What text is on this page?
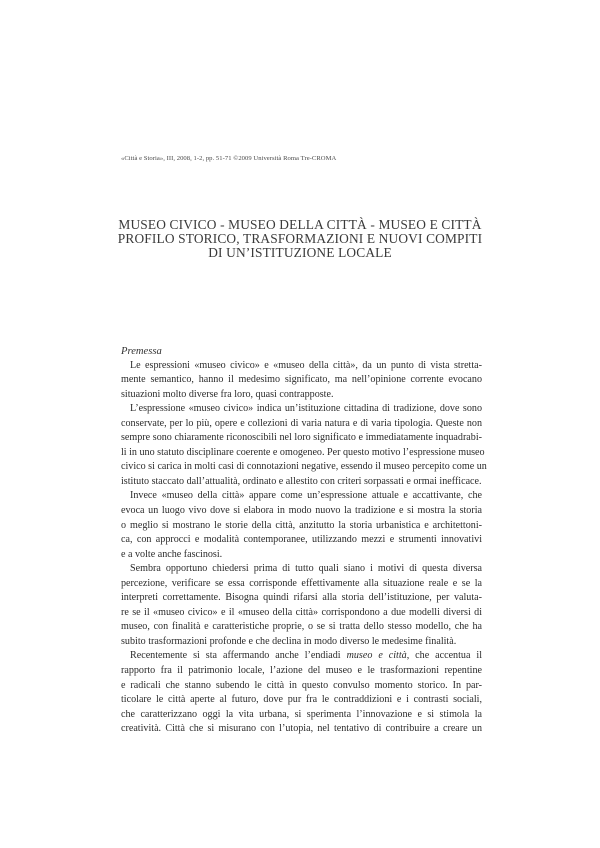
«Città e Storia», III, 2008, 1-2, pp. 51-71 ©2009 Università Roma Tre-CROMA
MUSEO CIVICO - MUSEO DELLA CITTÀ - MUSEO E CITTÀ
PROFILO STORICO, TRASFORMAZIONI E NUOVI COMPITI
DI UN’ISTITUZIONE LOCALE
Premessa
Le espressioni «museo civico» e «museo della città», da un punto di vista stretta-
mente semantico, hanno il medesimo significato, ma nell’opinione corrente evocano
situazioni molto diverse fra loro, quasi contrapposte.
L’espressione «museo civico» indica un’istituzione cittadina di tradizione, dove sono
conservate, per lo più, opere e collezioni di varia natura e di varia tipologia. Queste non
sempre sono chiaramente riconoscibili nel loro significato e immediatamente inquadrabi-
li in uno statuto disciplinare coerente e omogeneo. Per questo motivo l’espressione museo
civico si carica in molti casi di connotazioni negative, essendo il museo percepito come un
istituto staccato dall’attualità, ordinato e allestito con criteri sorpassati e ormai inefficace.
Invece «museo della città» appare come un’espressione attuale e accattivante, che
evoca un luogo vivo dove si elabora in modo nuovo la tradizione e si mostra la storia
o meglio si mostrano le storie della città, anzitutto la storia urbanistica e architettoni-
ca, con approcci e modalità contemporanee, utilizzando mezzi e strumenti innovativi
e a volte anche fascinosi.
Sembra opportuno chiedersi prima di tutto quali siano i motivi di questa diversa
percezione, verificare se essa corrisponde effettivamente alla situazione reale e se la
interpreti correttamente. Bisogna quindi rifarsi alla storia dell’istituzione, per valuta-
re se il «museo civico» e il «museo della città» corrispondono a due modelli diversi di
museo, con finalità e caratteristiche proprie, o se si tratta dello stesso modello, che ha
subito trasformazioni profonde e che declina in modo diverso le medesime finalità.
Recentemente si sta affermando anche l’endiadi museo e città, che accentua il
rapporto fra il patrimonio locale, l’azione del museo e le trasformazioni repentine
e radicali che stanno subendo le città in questo convulso momento storico. In par-
ticolare le città aperte al futuro, dove pur fra le contraddizioni e i contrasti sociali,
che caratterizzano oggi la vita urbana, si sperimenta l’innovazione e si stimola la
creatività. Città che si misurano con l’utopia, nel tentativo di contribuire a creare un
